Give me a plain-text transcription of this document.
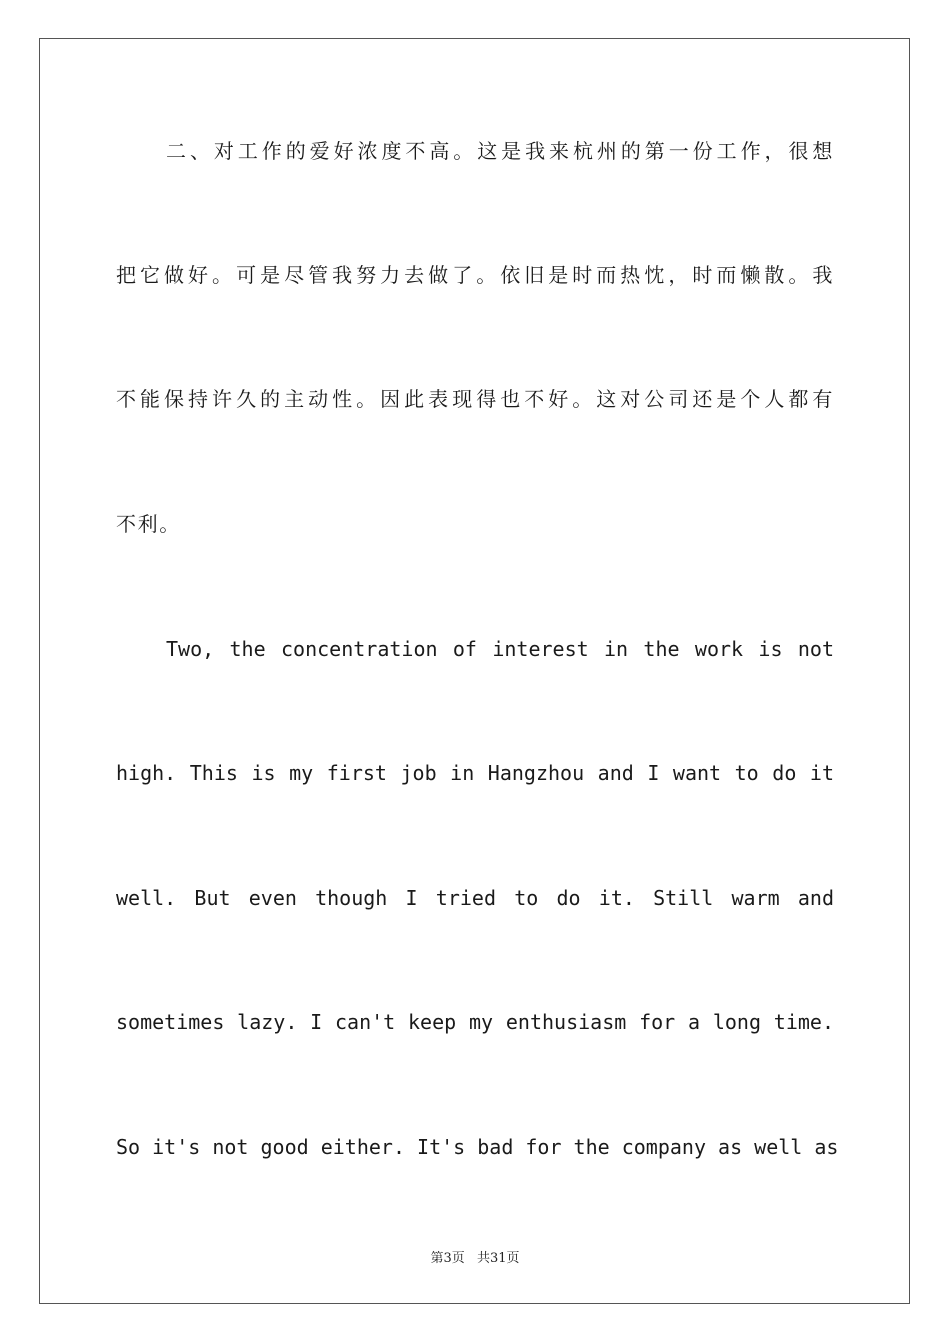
二、对工作的爱好浓度不高。这是我来杭州的第一份工作，很想
把它做好。可是尽管我努力去做了。依旧是时而热忱，时而懒散。我
不能保持许久的主动性。因此表现得也不好。这对公司还是个人都有
不利。
Two, the concentration of interest in the work is not
high. This is my first job in Hangzhou and I want to do it
well. But even though I tried to do it. Still warm and
sometimes lazy. I can't keep my enthusiasm for a long time.
So it's not good either. It's bad for the company as well as
第3页 共31页
